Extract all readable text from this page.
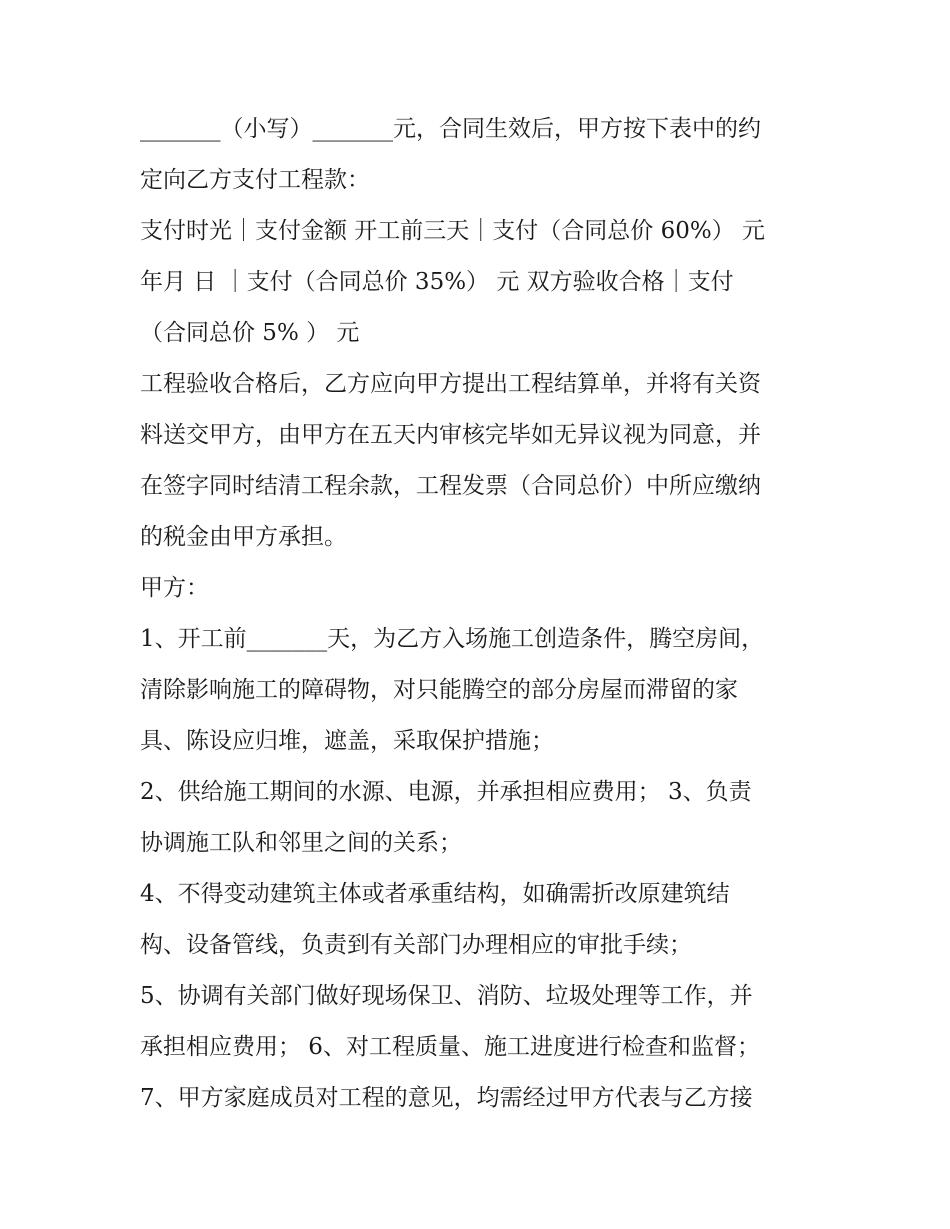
_______（小写）_______元，合同生效后，甲方按下表中的约
定向乙方支付工程款：
支付时光｜支付金额 开工前三天｜支付（合同总价 60%） 元
年月 日 ｜支付（合同总价 35%） 元 双方验收合格｜支付
（合同总价 5% ） 元
工程验收合格后，乙方应向甲方提出工程结算单，并将有关资
料送交甲方，由甲方在五天内审核完毕如无异议视为同意，并
在签字同时结清工程余款，工程发票（合同总价）中所应缴纳
的税金由甲方承担。
甲方：
1、开工前_______天，为乙方入场施工创造条件，腾空房间，
清除影响施工的障碍物，对只能腾空的部分房屋而滞留的家
具、陈设应归堆，遮盖，采取保护措施；
2、供给施工期间的水源、电源，并承担相应费用； 3、负责
协调施工队和邻里之间的关系；
4、不得变动建筑主体或者承重结构，如确需折改原建筑结
构、设备管线，负责到有关部门办理相应的审批手续；
5、协调有关部门做好现场保卫、消防、垃圾处理等工作，并
承担相应费用； 6、对工程质量、施工进度进行检查和监督；
7、甲方家庭成员对工程的意见，均需经过甲方代表与乙方接
